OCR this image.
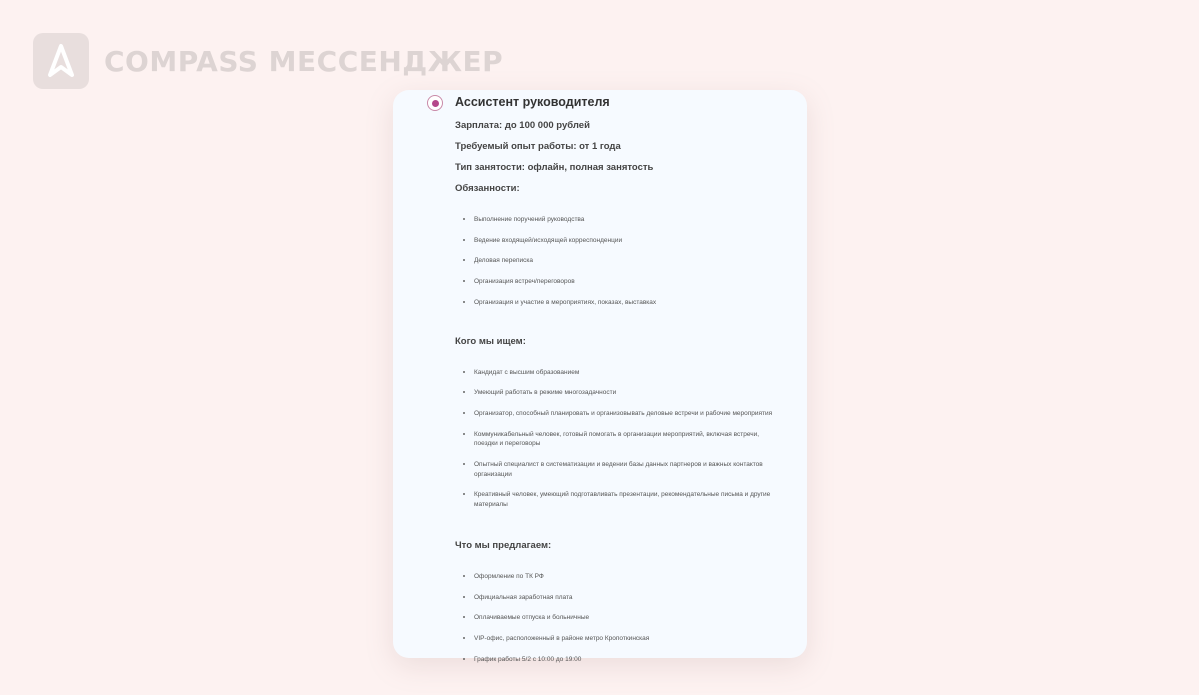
COMPASS МЕССЕНДЖЕР
Ассистент руководителя
Зарплата: до 100 000 рублей
Требуемый опыт работы: от 1 года
Тип занятости: офлайн, полная занятость
Обязанности:
• Выполнение поручений руководства
• Ведение входящей/исходящей корреспонденции
• Деловая переписка
• Организация встреч/переговоров
• Организация и участие в мероприятиях, показах, выставках
Кого мы ищем:
• Кандидат с высшим образованием
• Умеющий работать в режиме многозадачности
• Организатор, способный планировать и организовывать деловые встречи и рабочие мероприятия
• Коммуникабельный человек, готовый помогать в организации мероприятий, включая встречи, поездки и переговоры
• Опытный специалист в систематизации и ведении базы данных партнеров и важных контактов организации
• Креативный человек, умеющий подготавливать презентации, рекомендательные письма и другие материалы
Что мы предлагаем:
• Оформление по ТК РФ
• Официальная заработная плата
• Оплачиваемые отпуска и больничные
• VIP-офис, расположенный в районе метро Кропоткинская
• График работы 5/2 с 10:00 до 19:00
